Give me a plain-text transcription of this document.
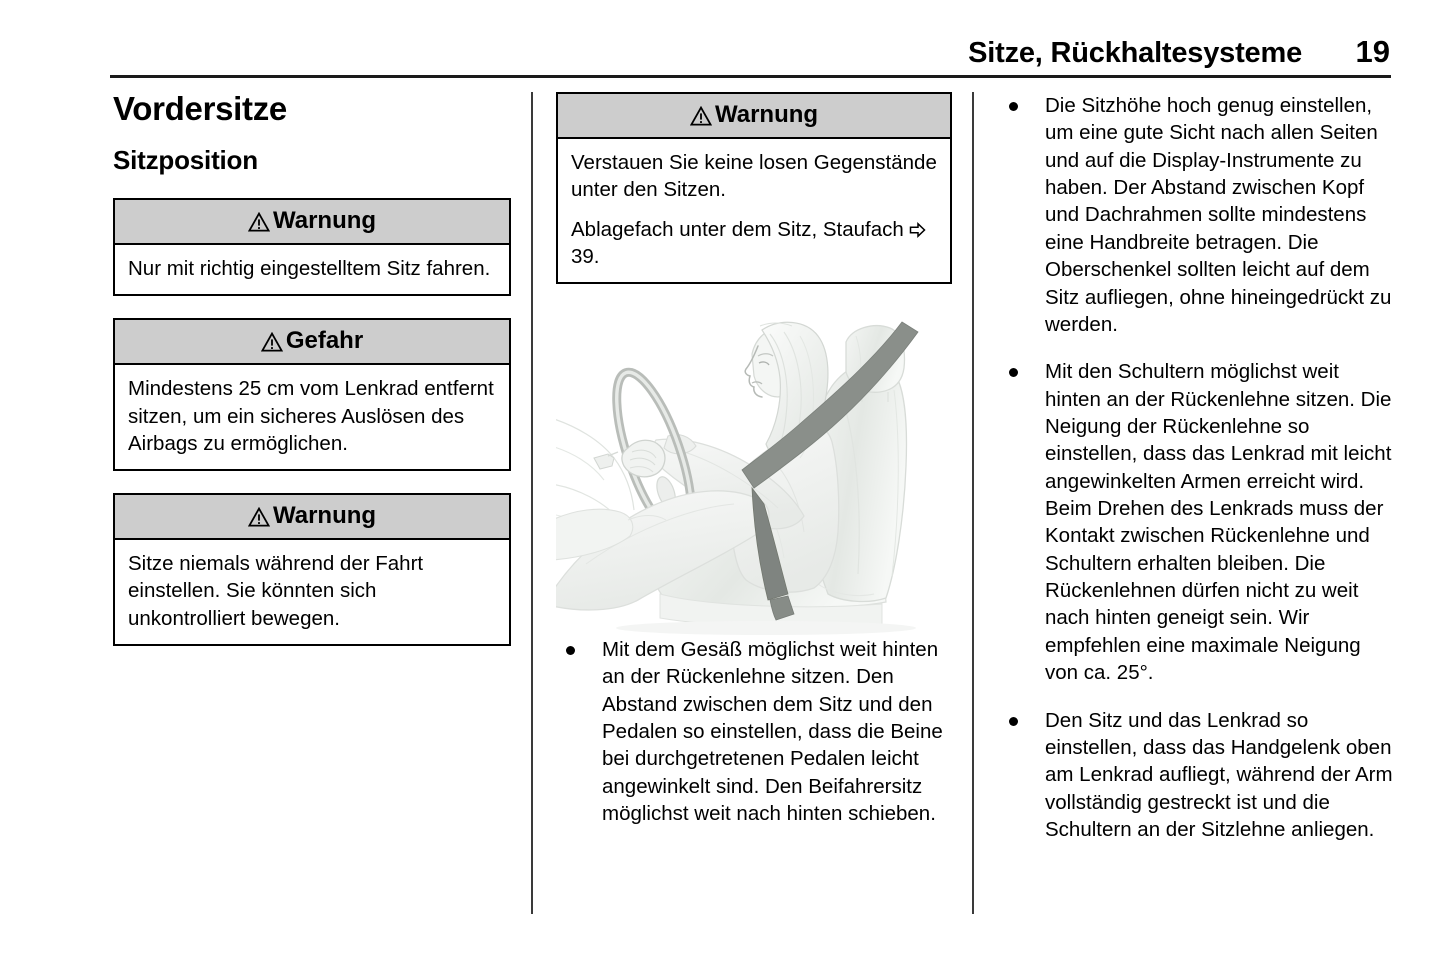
Sitze, Rückhaltesysteme	19
Vordersitze
Sitzposition
Warnung

Nur mit richtig eingestelltem Sitz fahren.

Gefahr

Mindestens 25 cm vom Lenkrad entfernt sitzen, um ein sicheres Auslösen des Airbags zu ermöglichen.

Warnung

Sitze niemals während der Fahrt einstellen. Sie könnten sich unkontrolliert bewegen.

Warnung

Verstauen Sie keine losen Gegenstände unter den Sitzen.

Ablagefach unter dem Sitz, Staufach
39.

Mit dem Gesäß möglichst weit hinten an der Rückenlehne sitzen. Den Abstand zwischen dem Sitz und den Pedalen so einstellen, dass die Beine bei durchgetretenen Pedalen leicht angewinkelt sind. Den Beifahrersitz möglichst weit nach hinten schieben.
Die Sitzhöhe hoch genug einstellen, um eine gute Sicht nach allen Seiten und auf die Display-Instrumente zu haben. Der Abstand zwischen Kopf und Dachrahmen sollte mindestens eine Handbreite betragen. Die Oberschenkel sollten leicht auf dem Sitz aufliegen, ohne hineingedrückt zu werden.
Mit den Schultern möglichst weit hinten an der Rückenlehne sitzen. Die Neigung der Rückenlehne so einstellen, dass das Lenkrad mit leicht angewinkelten Armen erreicht wird. Beim Drehen des Lenkrads muss der Kontakt zwischen Rückenlehne und Schultern erhalten bleiben. Die Rückenlehnen dürfen nicht zu weit nach hinten geneigt sein. Wir empfehlen eine maximale Neigung von ca. 25°.
Den Sitz und das Lenkrad so einstellen, dass das Handgelenk oben am Lenkrad aufliegt, während der Arm vollständig gestreckt ist und die Schultern an der Sitzlehne anliegen.
